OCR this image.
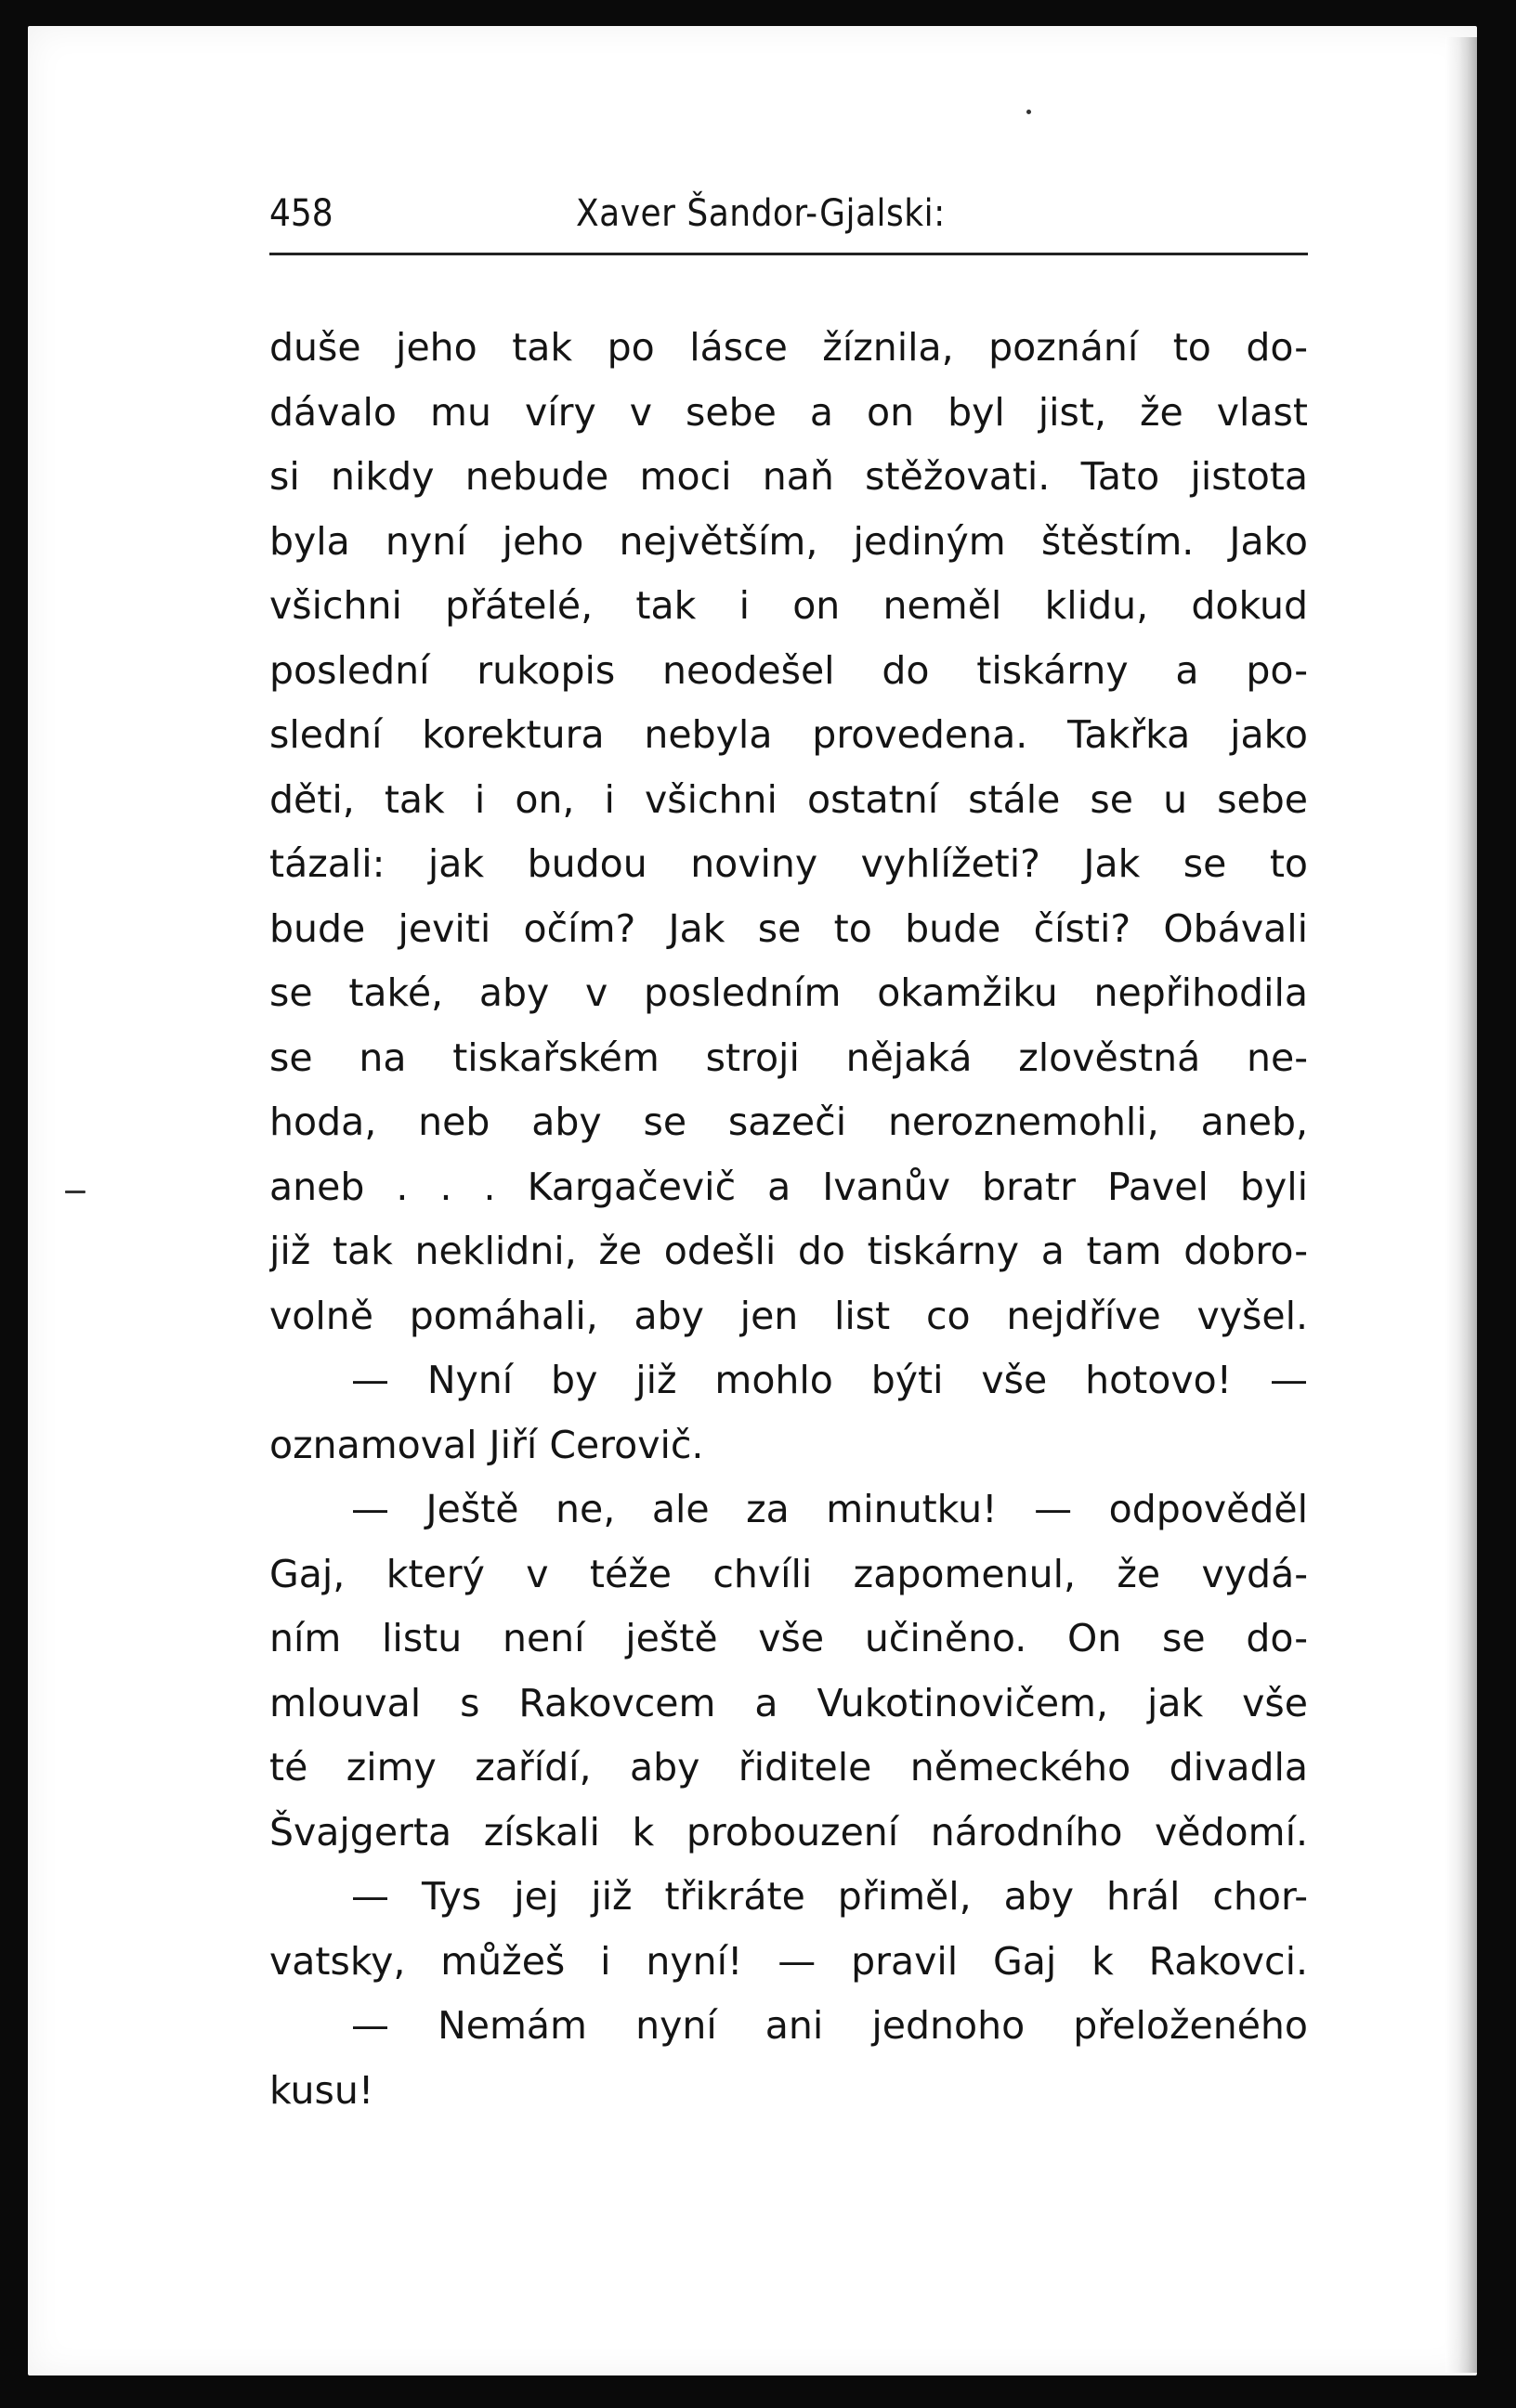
458	Xaver Šandor-Gjalski:
duše jeho tak po lásce žíznila, poznání to do-
dávalo mu víry v sebe a on byl jist, že vlast
si nikdy nebude moci naň stěžovati. Tato jistota
byla nyní jeho největším, jediným štěstím. Jako
všichni přátelé, tak i on neměl klidu, dokud
poslední rukopis neodešel do tiskárny a po-
slední korektura nebyla provedena. Takřka jako
děti, tak i on, i všichni ostatní stále se u sebe
tázali: jak budou noviny vyhlížeti? Jak se to
bude jeviti očím? Jak se to bude čísti? Obávali
se také, aby v posledním okamžiku nepřihodila
se na tiskařském stroji nějaká zlověstná ne-
hoda, neb aby se sazeči neroznemohli, aneb,
aneb . . . Kargačevič a Ivanův bratr Pavel byli
již tak neklidni, že odešli do tiskárny a tam dobro-
volně pomáhali, aby jen list co nejdříve vyšel.
— Nyní by již mohlo býti vše hotovo! —
oznamoval Jiří Cerovič.
— Ještě ne, ale za minutku! — odpověděl
Gaj, který v téže chvíli zapomenul, že vydá-
ním listu není ještě vše učiněno. On se do-
mlouval s Rakovcem a Vukotinovičem, jak vše
té zimy zařídí, aby řiditele německého divadla
Švajgerta získali k probouzení národního vědomí.
— Tys jej již třikráte přiměl, aby hrál chor-
vatsky, můžeš i nyní! — pravil Gaj k Rakovci.
— Nemám nyní ani jednoho přeloženého
kusu!
